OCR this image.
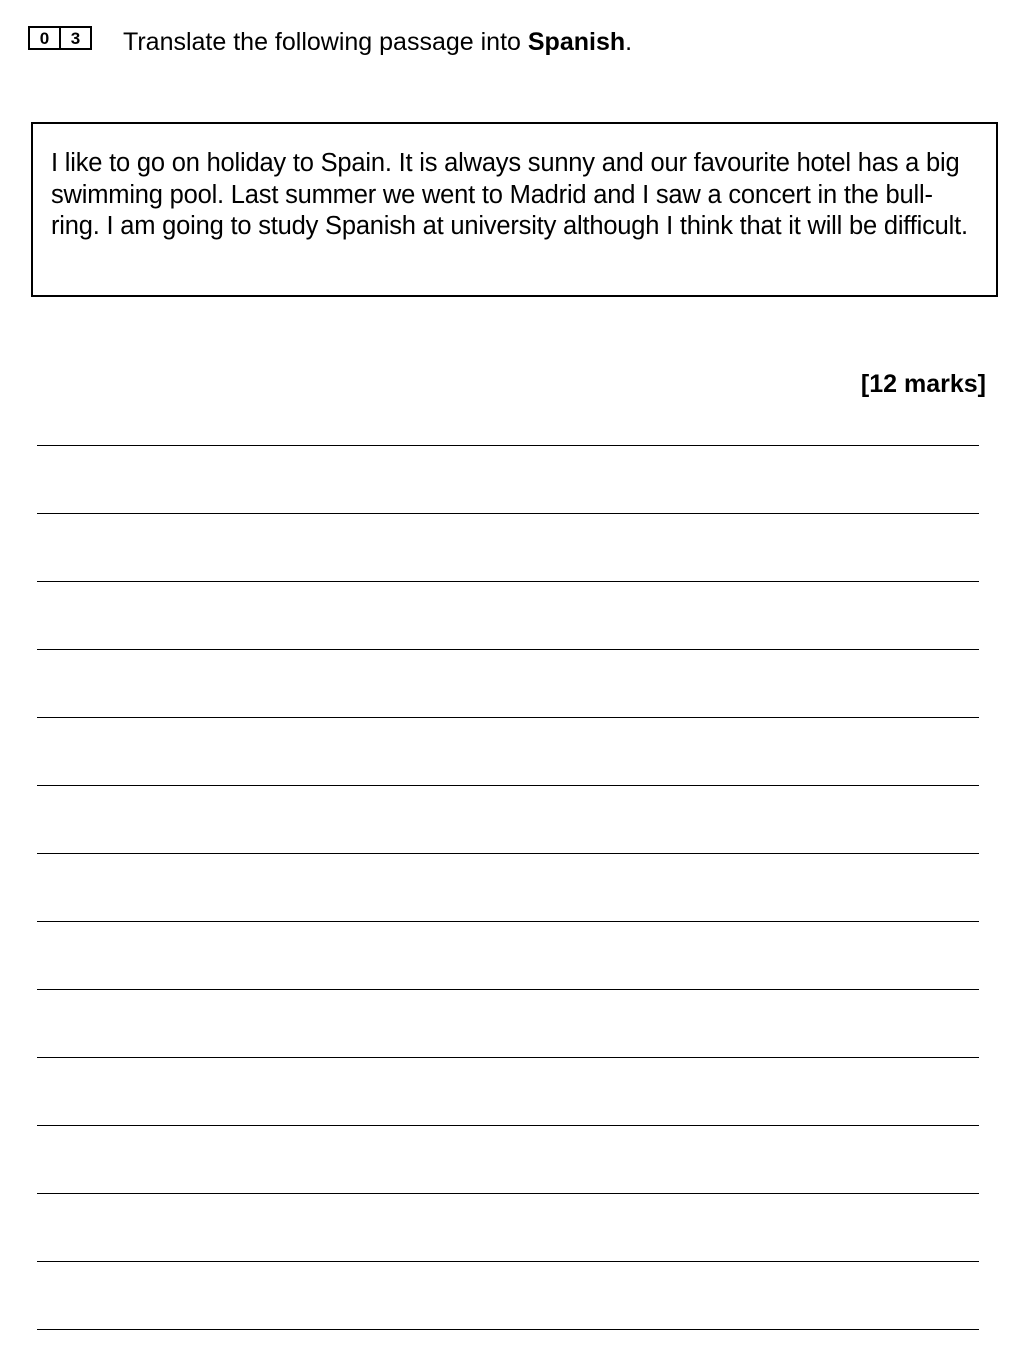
0	3	Translate the following passage into Spanish.

I like to go on holiday to Spain. It is always sunny and our favourite hotel has a big swimming pool. Last summer we went to Madrid and I saw a concert in the bull-ring. I am going to study Spanish at university although I think that it will be difficult.

[12 marks]
